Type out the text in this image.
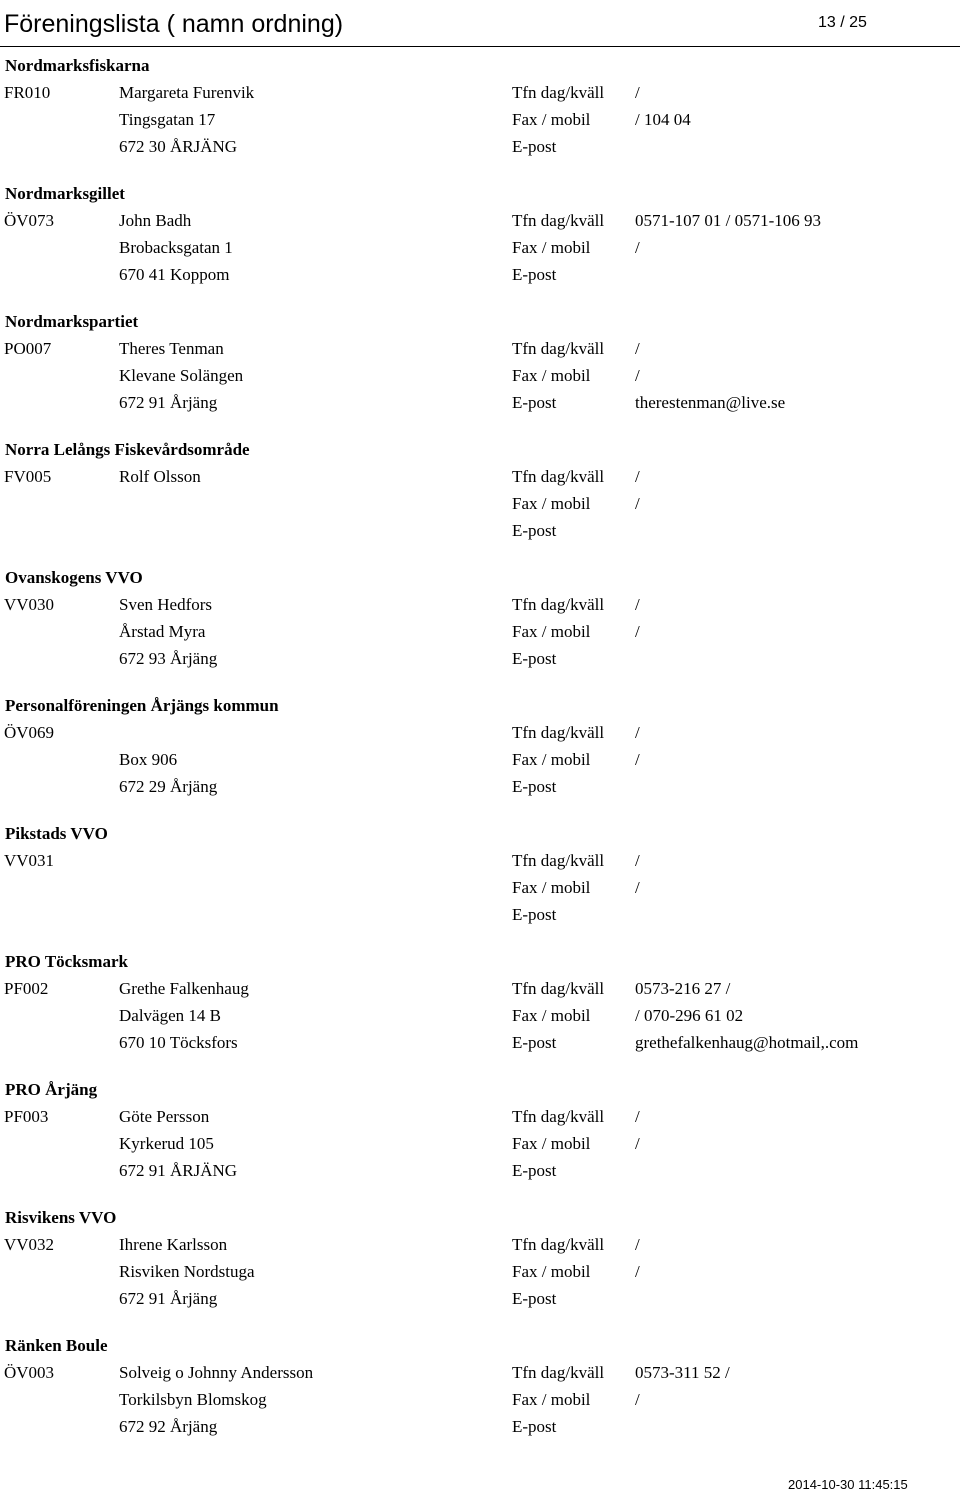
Föreningslista ( namn ordning)	13 / 25
Nordmarksfiskarna
FR010	Margareta Furenvik	Tfn dag/kväll /
Tingsgatan 17	Fax / mobil	/ 104 04
672 30 ÅRJÄNG	E-post
Nordmarksgillet
ÖV073	John Badh	Tfn dag/kväll 0571-107 01 / 0571-106 93
Brobacksgatan 1	Fax / mobil	/
670 41 Koppom	E-post
Nordmarkspartiet
PO007	Theres Tenman	Tfn dag/kväll /
Klevane Solängen	Fax / mobil	/
672 91 Årjäng	E-post	therestenman@live.se
Norra Lelångs Fiskevårdsområde
FV005	Rolf Olsson	Tfn dag/kväll /
Fax / mobil	/
E-post
Ovanskogens VVO
VV030	Sven Hedfors	Tfn dag/kväll /
Årstad Myra	Fax / mobil	/
672 93 Årjäng	E-post
Personalföreningen Årjängs kommun
ÖV069	Tfn dag/kväll /
Box 906	Fax / mobil	/
672 29 Årjäng	E-post
Pikstads VVO
VV031	Tfn dag/kväll /
Fax / mobil	/
E-post
PRO Töcksmark
PF002	Grethe Falkenhaug	Tfn dag/kväll 0573-216 27 /
Dalvägen 14 B	Fax / mobil	/ 070-296 61 02
670 10 Töcksfors	E-post	grethefalkenhaug@hotmail,.com
PRO Årjäng
PF003	Göte Persson	Tfn dag/kväll /
Kyrkerud 105	Fax / mobil	/
672 91 ÅRJÄNG	E-post
Risvikens VVO
VV032	Ihrene Karlsson	Tfn dag/kväll /
Risviken Nordstuga	Fax / mobil	/
672 91 Årjäng	E-post
Ränken Boule
ÖV003	Solveig o Johnny Andersson	Tfn dag/kväll 0573-311 52 /
Torkilsbyn Blomskog	Fax / mobil	/
672 92 Årjäng	E-post
2014-10-30 11:45:15
